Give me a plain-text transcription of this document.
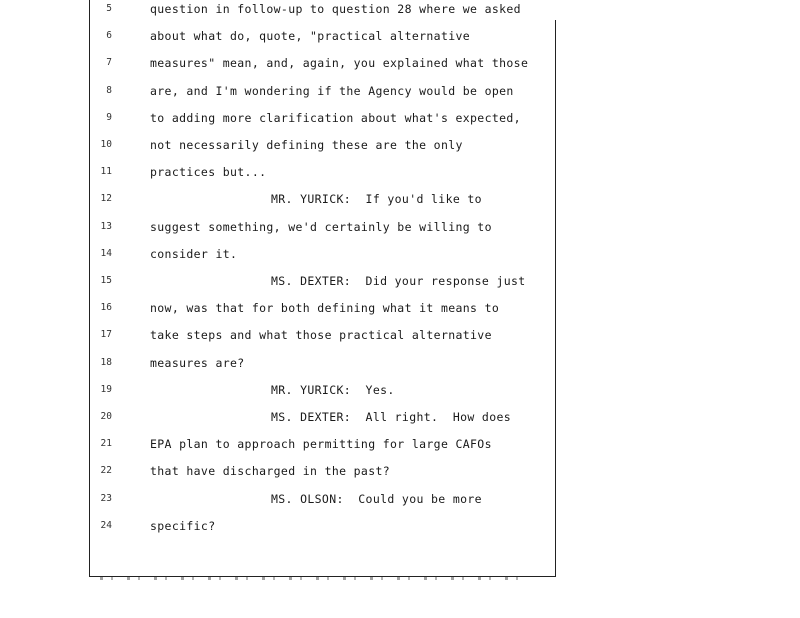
5	question in follow-up to question 28 where we asked
6	about what do, quote, "practical alternative
7	measures" mean, and, again, you explained what those
8	are, and I'm wondering if the Agency would be open
9	to adding more clarification about what's expected,
10	not necessarily defining these are the only
11	practices but...
12	MR. YURICK:  If you'd like to
13	suggest something, we'd certainly be willing to
14	consider it.
15	MS. DEXTER:  Did your response just
16	now, was that for both defining what it means to
17	take steps and what those practical alternative
18	measures are?
19	MR. YURICK:  Yes.
20	MS. DEXTER:  All right.  How does
21	EPA plan to approach permitting for large CAFOs
22	that have discharged in the past?
23	MS. OLSON:  Could you be more
24	specific?
